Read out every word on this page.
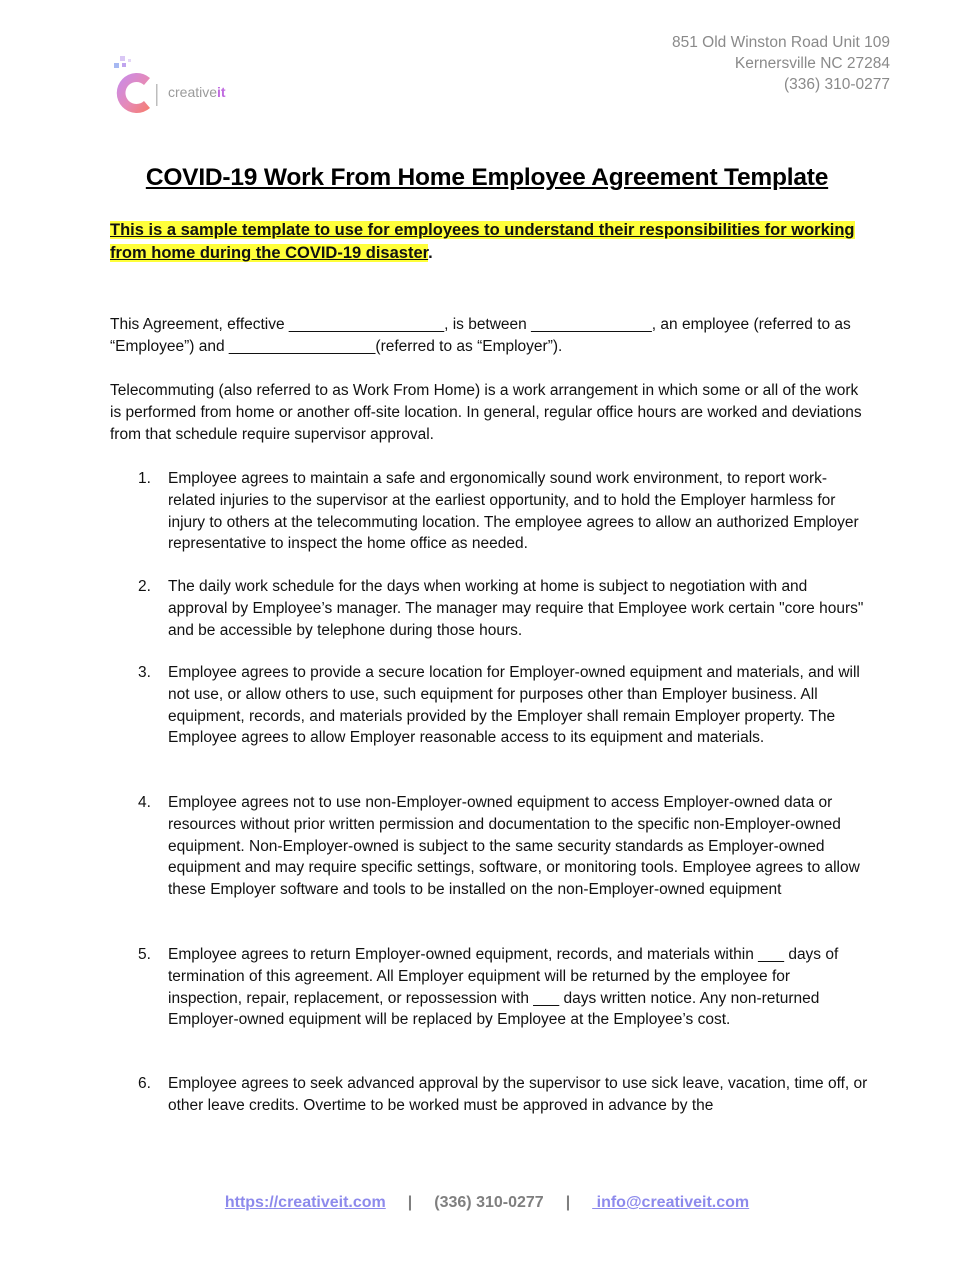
creativeit
851 Old Winston Road Unit 109
Kernersville NC 27284
(336) 310-0277
COVID-19 Work From Home Employee Agreement Template
This is a sample template to use for employees to understand their responsibilities for working from home during the COVID-19 disaster.
This Agreement, effective __________________, is between ______________, an employee (referred to as “Employee”) and _________________(referred to as “Employer”).
Telecommuting (also referred to as Work From Home) is a work arrangement in which some or all of the work is performed from home or another off-site location. In general, regular office hours are worked and deviations from that schedule require supervisor approval.
1. Employee agrees to maintain a safe and ergonomically sound work environment, to report work-related injuries to the supervisor at the earliest opportunity, and to hold the Employer harmless for injury to others at the telecommuting location. The employee agrees to allow an authorized Employer representative to inspect the home office as needed.
2. The daily work schedule for the days when working at home is subject to negotiation with and approval by Employee’s manager. The manager may require that Employee work certain "core hours" and be accessible by telephone during those hours.
3. Employee agrees to provide a secure location for Employer-owned equipment and materials, and will not use, or allow others to use, such equipment for purposes other than Employer business. All equipment, records, and materials provided by the Employer shall remain Employer property. The Employee agrees to allow Employer reasonable access to its equipment and materials.
4. Employee agrees not to use non-Employer-owned equipment to access Employer-owned data or resources without prior written permission and documentation to the specific non-Employer-owned equipment. Non-Employer-owned is subject to the same security standards as Employer-owned equipment and may require specific settings, software, or monitoring tools. Employee agrees to allow these Employer software and tools to be installed on the non-Employer-owned equipment
5. Employee agrees to return Employer-owned equipment, records, and materials within ___ days of termination of this agreement. All Employer equipment will be returned by the employee for inspection, repair, replacement, or repossession with ___ days written notice. Any non-returned Employer-owned equipment will be replaced by Employee at the Employee’s cost.
6. Employee agrees to seek advanced approval by the supervisor to use sick leave, vacation, time off, or other leave credits. Overtime to be worked must be approved in advance by the
https://creativeit.com | (336) 310-0277 | info@creativeit.com
